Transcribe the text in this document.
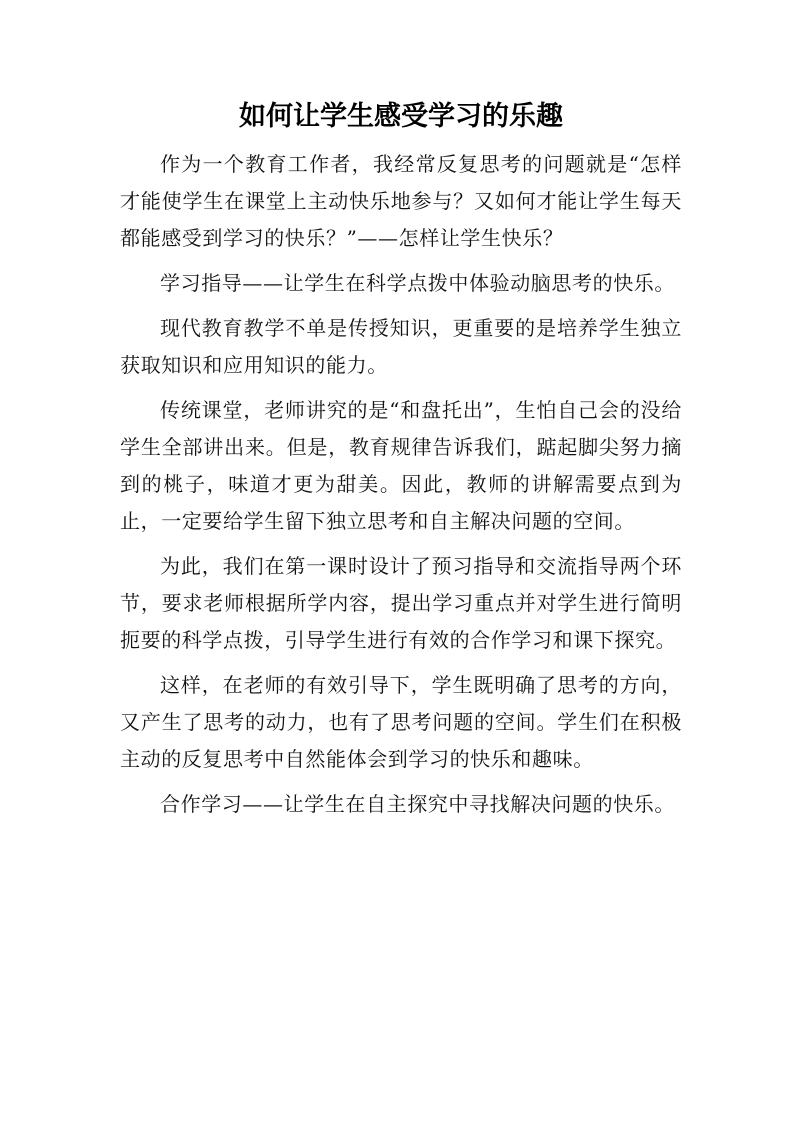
如何让学生感受学习的乐趣

作为一个教育工作者，我经常反复思考的问题就是“怎样才能使学生在课堂上主动快乐地参与？又如何才能让学生每天都能感受到学习的快乐？”——怎样让学生快乐？

学习指导——让学生在科学点拨中体验动脑思考的快乐。

现代教育教学不单是传授知识，更重要的是培养学生独立获取知识和应用知识的能力。

传统课堂，老师讲究的是“和盘托出”，生怕自己会的没给学生全部讲出来。但是，教育规律告诉我们，踮起脚尖努力摘到的桃子，味道才更为甜美。因此，教师的讲解需要点到为止，一定要给学生留下独立思考和自主解决问题的空间。

为此，我们在第一课时设计了预习指导和交流指导两个环节，要求老师根据所学内容，提出学习重点并对学生进行简明扼要的科学点拨，引导学生进行有效的合作学习和课下探究。

这样，在老师的有效引导下，学生既明确了思考的方向，又产生了思考的动力，也有了思考问题的空间。学生们在积极主动的反复思考中自然能体会到学习的快乐和趣味。

合作学习——让学生在自主探究中寻找解决问题的快乐。
